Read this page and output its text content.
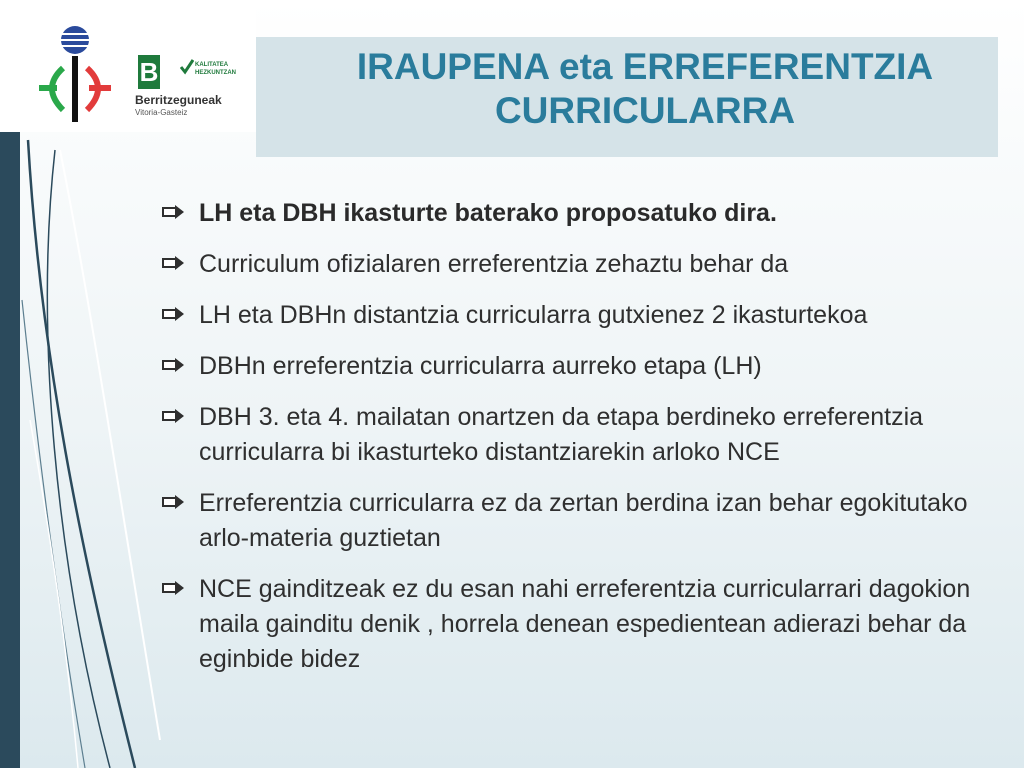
B	KALITATEA
HEZKUNTZAN
Berritzeguneak
Vitoria-Gasteiz
IRAUPENA eta ERREFERENTZIA
CURRICULARRA
LH eta DBH ikasturte baterako proposatuko dira.
Curriculum ofizialaren erreferentzia zehaztu behar da
LH eta DBHn distantzia curricularra gutxienez 2 ikasturtekoa
DBHn erreferentzia curricularra aurreko etapa (LH)
DBH 3. eta 4. mailatan onartzen da etapa berdineko erreferentzia curricularra bi ikasturteko distantziarekin arloko NCE
Erreferentzia curricularra ez da zertan berdina izan behar egokitutako arlo-materia guztietan
NCE gainditzeak ez du esan nahi erreferentzia curricularrari dagokion maila gainditu denik , horrela denean espedientean adierazi behar da eginbide bidez
